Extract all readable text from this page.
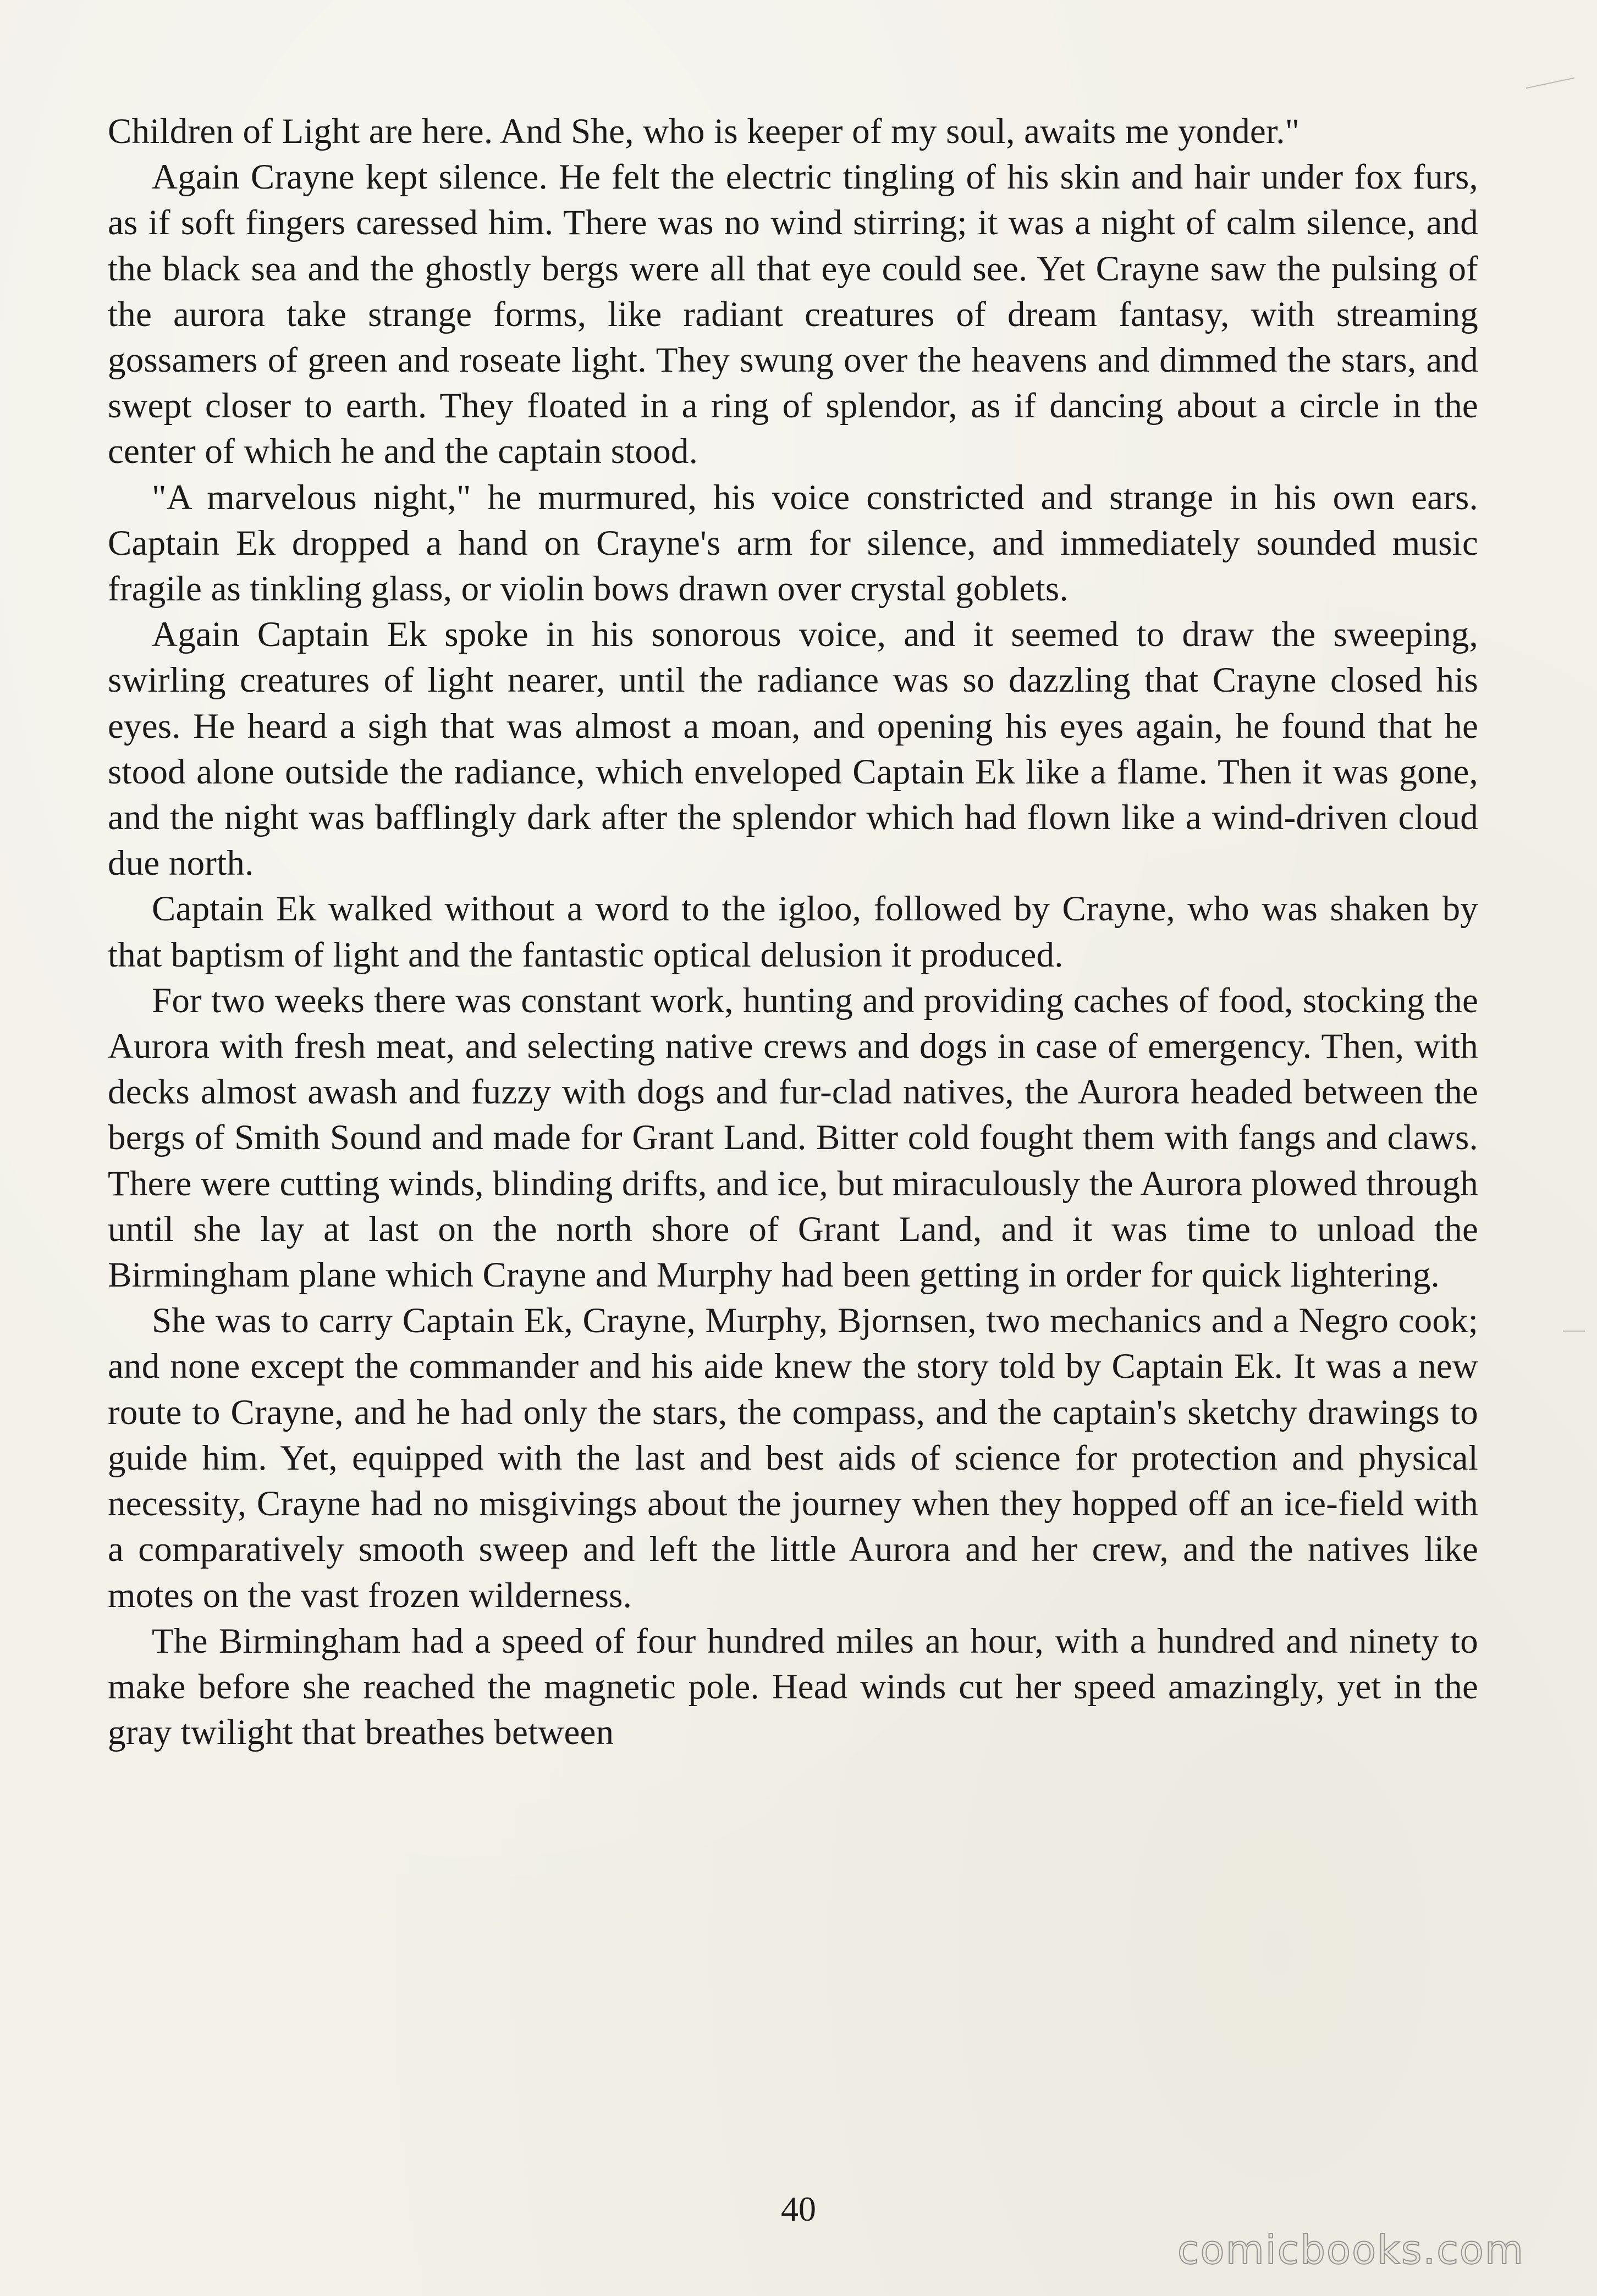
Children of Light are here. And She, who is keeper of my soul, awaits me yonder."

Again Crayne kept silence. He felt the electric tingling of his skin and hair under fox furs, as if soft fingers caressed him. There was no wind stirring; it was a night of calm silence, and the black sea and the ghostly bergs were all that eye could see. Yet Crayne saw the pulsing of the aurora take strange forms, like radiant creatures of dream fantasy, with streaming gossamers of green and roseate light. They swung over the heavens and dimmed the stars, and swept closer to earth. They floated in a ring of splendor, as if dancing about a circle in the center of which he and the captain stood.

"A marvelous night," he murmured, his voice constricted and strange in his own ears. Captain Ek dropped a hand on Crayne's arm for silence, and immediately sounded music fragile as tinkling glass, or violin bows drawn over crystal goblets.

Again Captain Ek spoke in his sonorous voice, and it seemed to draw the sweeping, swirling creatures of light nearer, until the radiance was so dazzling that Crayne closed his eyes. He heard a sigh that was almost a moan, and opening his eyes again, he found that he stood alone outside the radiance, which enveloped Captain Ek like a flame. Then it was gone, and the night was bafflingly dark after the splendor which had flown like a wind-driven cloud due north.

Captain Ek walked without a word to the igloo, followed by Crayne, who was shaken by that baptism of light and the fantastic optical delusion it produced.

For two weeks there was constant work, hunting and providing caches of food, stocking the Aurora with fresh meat, and selecting native crews and dogs in case of emergency. Then, with decks almost awash and fuzzy with dogs and fur-clad natives, the Aurora headed between the bergs of Smith Sound and made for Grant Land. Bitter cold fought them with fangs and claws. There were cutting winds, blinding drifts, and ice, but miraculously the Aurora plowed through until she lay at last on the north shore of Grant Land, and it was time to unload the Birmingham plane which Crayne and Murphy had been getting in order for quick lightering.

She was to carry Captain Ek, Crayne, Murphy, Bjornsen, two mechanics and a Negro cook; and none except the commander and his aide knew the story told by Captain Ek. It was a new route to Crayne, and he had only the stars, the compass, and the captain's sketchy drawings to guide him. Yet, equipped with the last and best aids of science for protection and physical necessity, Crayne had no misgivings about the journey when they hopped off an ice-field with a comparatively smooth sweep and left the little Aurora and her crew, and the natives like motes on the vast frozen wilderness.

The Birmingham had a speed of four hundred miles an hour, with a hundred and ninety to make before she reached the magnetic pole. Head winds cut her speed amazingly, yet in the gray twilight that breathes between

40
comicbooks.com
